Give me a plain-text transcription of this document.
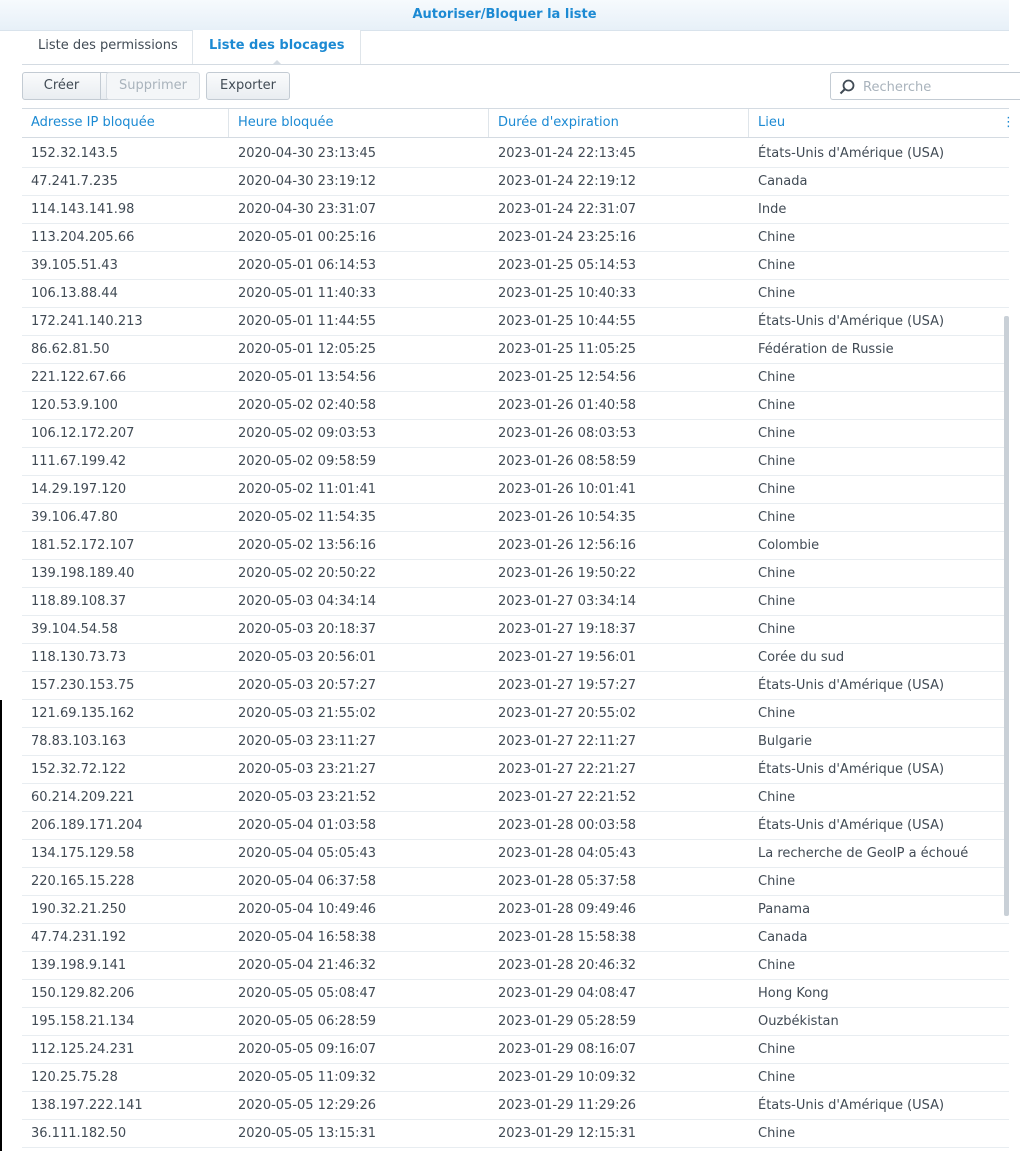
Autoriser/Bloquer la liste
Liste des permissions	Liste des blocages
Créer	Supprimer	Exporter
Recherche
Adresse IP bloquée	Heure bloquée	Durée d'expiration	Lieu	⋮
152.32.143.5	2020-04-30 23:13:45	2023-01-24 22:13:45	États-Unis d'Amérique (USA)
47.241.7.235	2020-04-30 23:19:12	2023-01-24 22:19:12	Canada
114.143.141.98	2020-04-30 23:31:07	2023-01-24 22:31:07	Inde
113.204.205.66	2020-05-01 00:25:16	2023-01-24 23:25:16	Chine
39.105.51.43	2020-05-01 06:14:53	2023-01-25 05:14:53	Chine
106.13.88.44	2020-05-01 11:40:33	2023-01-25 10:40:33	Chine
172.241.140.213	2020-05-01 11:44:55	2023-01-25 10:44:55	États-Unis d'Amérique (USA)
86.62.81.50	2020-05-01 12:05:25	2023-01-25 11:05:25	Fédération de Russie
221.122.67.66	2020-05-01 13:54:56	2023-01-25 12:54:56	Chine
120.53.9.100	2020-05-02 02:40:58	2023-01-26 01:40:58	Chine
106.12.172.207	2020-05-02 09:03:53	2023-01-26 08:03:53	Chine
111.67.199.42	2020-05-02 09:58:59	2023-01-26 08:58:59	Chine
14.29.197.120	2020-05-02 11:01:41	2023-01-26 10:01:41	Chine
39.106.47.80	2020-05-02 11:54:35	2023-01-26 10:54:35	Chine
181.52.172.107	2020-05-02 13:56:16	2023-01-26 12:56:16	Colombie
139.198.189.40	2020-05-02 20:50:22	2023-01-26 19:50:22	Chine
118.89.108.37	2020-05-03 04:34:14	2023-01-27 03:34:14	Chine
39.104.54.58	2020-05-03 20:18:37	2023-01-27 19:18:37	Chine
118.130.73.73	2020-05-03 20:56:01	2023-01-27 19:56:01	Corée du sud
157.230.153.75	2020-05-03 20:57:27	2023-01-27 19:57:27	États-Unis d'Amérique (USA)
121.69.135.162	2020-05-03 21:55:02	2023-01-27 20:55:02	Chine
78.83.103.163	2020-05-03 23:11:27	2023-01-27 22:11:27	Bulgarie
152.32.72.122	2020-05-03 23:21:27	2023-01-27 22:21:27	États-Unis d'Amérique (USA)
60.214.209.221	2020-05-03 23:21:52	2023-01-27 22:21:52	Chine
206.189.171.204	2020-05-04 01:03:58	2023-01-28 00:03:58	États-Unis d'Amérique (USA)
134.175.129.58	2020-05-04 05:05:43	2023-01-28 04:05:43	La recherche de GeoIP a échoué
220.165.15.228	2020-05-04 06:37:58	2023-01-28 05:37:58	Chine
190.32.21.250	2020-05-04 10:49:46	2023-01-28 09:49:46	Panama
47.74.231.192	2020-05-04 16:58:38	2023-01-28 15:58:38	Canada
139.198.9.141	2020-05-04 21:46:32	2023-01-28 20:46:32	Chine
150.129.82.206	2020-05-05 05:08:47	2023-01-29 04:08:47	Hong Kong
195.158.21.134	2020-05-05 06:28:59	2023-01-29 05:28:59	Ouzbékistan
112.125.24.231	2020-05-05 09:16:07	2023-01-29 08:16:07	Chine
120.25.75.28	2020-05-05 11:09:32	2023-01-29 10:09:32	Chine
138.197.222.141	2020-05-05 12:29:26	2023-01-29 11:29:26	États-Unis d'Amérique (USA)
36.111.182.50	2020-05-05 13:15:31	2023-01-29 12:15:31	Chine
